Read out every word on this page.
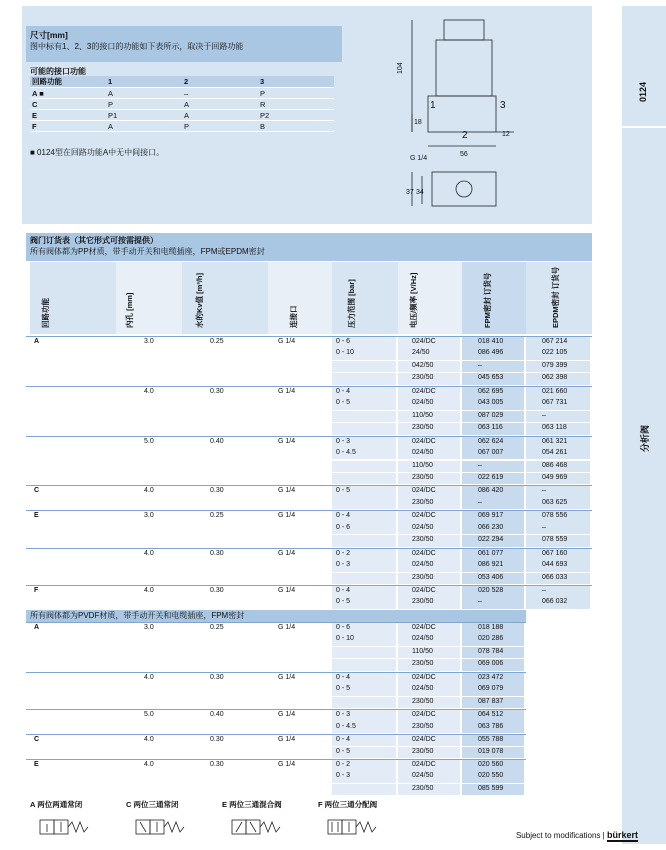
0124
分析阀
尺寸[mm]
图中标有1、2、3的接口的功能如下表所示，取决于回路功能
可能的接口功能
回路功能	1	2	3
A ■	A	–	P
C	P	A	R
E	P1	A	P2
F	A	P	B
■ 0124型在回路功能A中无中间接口。
104
18
1	3
2	12
56
G 1/4
37 34
阀门订货表（其它形式可按需提供）
所有阀体都为PP材质，带手动开关和电缆插座，FPM或EPDM密封
回路功能	内孔 [mm]	水的Kv值 [m³/h]	连接口	压力范围 [bar]	电压/频率 [V/Hz]	FPM密封 订货号	EPDM密封 订货号
A	3.0	0.25	G 1/4	0 - 6	024/DC	018 410	067 214
0 - 10	24/50	086 496	022 105
042/50	–	079 399
230/50	045 653	062 398
4.0	0.30	G 1/4	0 - 4	024/DC	062 695	021 660
0 - 5	024/50	043 005	067 731
110/50	087 029	–
230/50	063 116	063 118
5.0	0.40	G 1/4	0 - 3	024/DC	062 624	061 321
0 - 4.5	024/50	067 007	054 261
110/50	–	086 468
230/50	022 619	049 969
C	4.0	0.30	G 1/4	0 - 5	024/DC	086 420	–
230/50	–	063 625
E	3.0	0.25	G 1/4	0 - 4	024/DC	069 917	078 556
0 - 6	024/50	066 230	–
230/50	022 294	078 559
4.0	0.30	G 1/4	0 - 2	024/DC	061 077	067 160
0 - 3	024/50	086 921	044 693
230/50	053 406	066 033
F	4.0	0.30	G 1/4	0 - 4	024/DC	020 528	–
0 - 5	230/50	–	066 032
所有阀体都为PVDF材质，带手动开关和电缆插座，FPM密封
A	3.0	0.25	G 1/4	0 - 6	024/DC	018 188
0 - 10	024/50	020 286
110/50	078 784
230/50	069 006
4.0	0.30	G 1/4	0 - 4	024/DC	023 472
0 - 5	024/50	069 079
230/50	087 837
5.0	0.40	G 1/4	0 - 3	024/DC	064 512
0 - 4.5	230/50	063 786
C	4.0	0.30	G 1/4	0 - 4	024/DC	055 788
0 - 5	230/50	019 078
E	4.0	0.30	G 1/4	0 - 2	024/DC	020 560
0 - 3	024/50	020 550
230/50	085 599
A 两位两通常闭	C 两位三通常闭	E 两位三通混合阀	F 两位三通分配阀
Subject to modifications | bürkert
